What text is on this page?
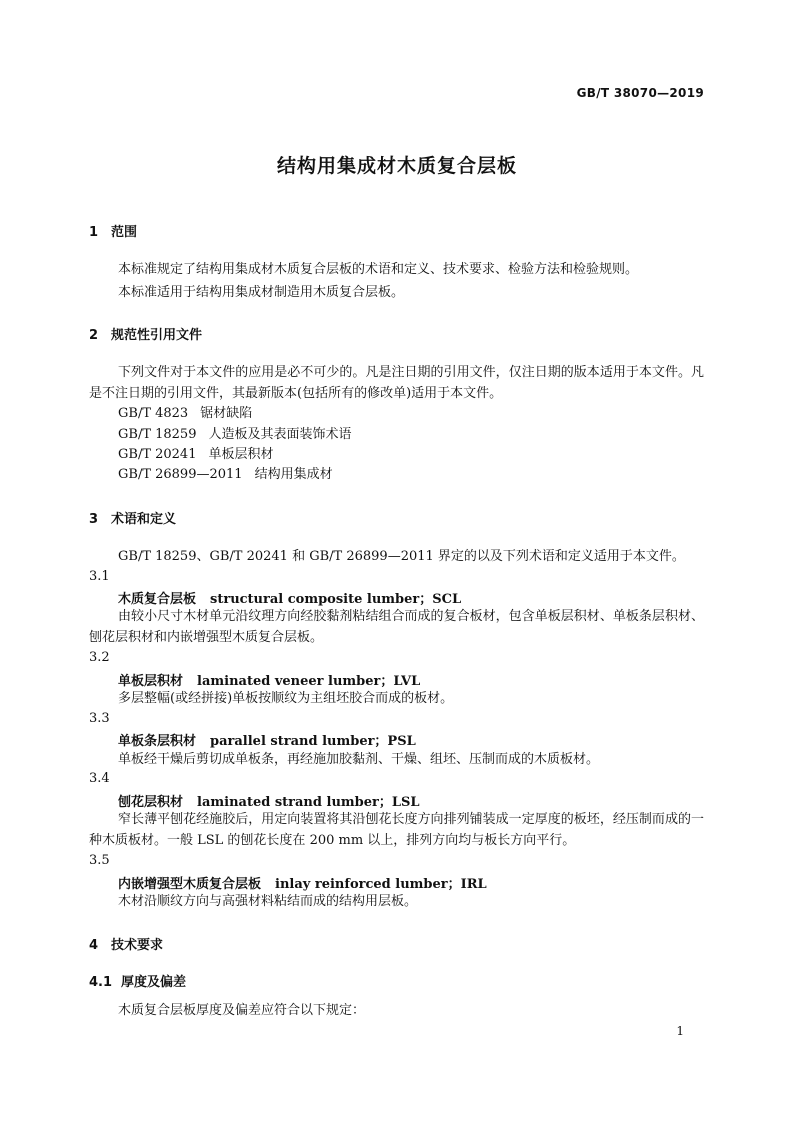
GB/T 38070—2019
结构用集成材木质复合层板
1 范围
本标准规定了结构用集成材木质复合层板的术语和定义、技术要求、检验方法和检验规则。
本标准适用于结构用集成材制造用木质复合层板。
2 规范性引用文件
下列文件对于本文件的应用是必不可少的。凡是注日期的引用文件，仅注日期的版本适用于本文件。凡是不注日期的引用文件，其最新版本(包括所有的修改单)适用于本文件。
GB/T 4823 锯材缺陷
GB/T 18259 人造板及其表面装饰术语
GB/T 20241 单板层积材
GB/T 26899—2011 结构用集成材
3 术语和定义
GB/T 18259、GB/T 20241 和 GB/T 26899—2011 界定的以及下列术语和定义适用于本文件。
3.1
木质复合层板 structural composite lumber；SCL
由较小尺寸木材单元沿纹理方向经胶黏剂粘结组合而成的复合板材，包含单板层积材、单板条层积材、刨花层积材和内嵌增强型木质复合层板。
3.2
单板层积材 laminated veneer lumber；LVL
多层整幅(或经拼接)单板按顺纹为主组坯胶合而成的板材。
3.3
单板条层积材 parallel strand lumber；PSL
单板经干燥后剪切成单板条，再经施加胶黏剂、干燥、组坯、压制而成的木质板材。
3.4
刨花层积材 laminated strand lumber；LSL
窄长薄平刨花经施胶后，用定向装置将其沿刨花长度方向排列铺装成一定厚度的板坯，经压制而成的一种木质板材。一般 LSL 的刨花长度在 200 mm 以上，排列方向均与板长方向平行。
3.5
内嵌增强型木质复合层板 inlay reinforced lumber；IRL
木材沿顺纹方向与高强材料粘结而成的结构用层板。
4 技术要求
4.1 厚度及偏差
木质复合层板厚度及偏差应符合以下规定：
1
